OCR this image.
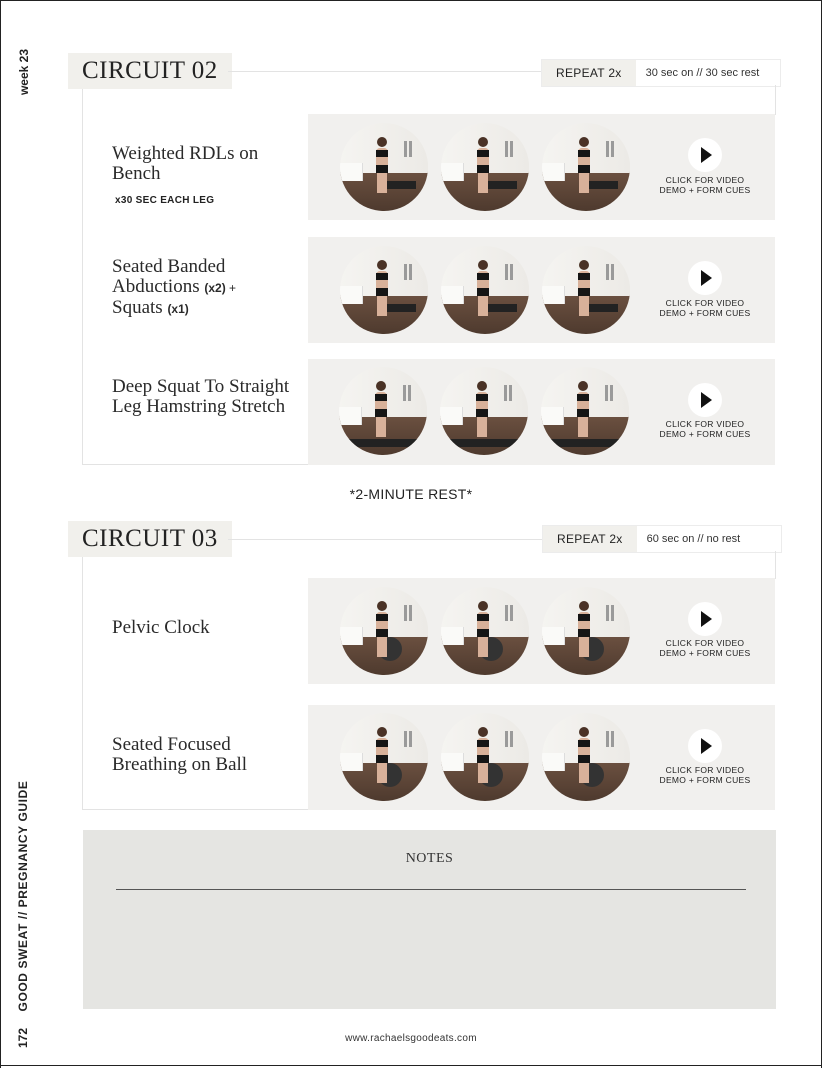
week 23
GOOD SWEAT // PREGNANCY GUIDE
172
CIRCUIT 02	REPEAT 2x	30 sec on // 30 sec rest
Weighted RDLs on Bench
x30 SEC EACH LEG
CLICK FOR VIDEO
DEMO + FORM CUES
Seated Banded
Abductions (x2) +
Squats (x1)	CLICK FOR VIDEO
DEMO + FORM CUES
Deep Squat To Straight Leg Hamstring Stretch
CLICK FOR VIDEO
DEMO + FORM CUES
*2-MINUTE REST*
CIRCUIT 03	REPEAT 2x	60 sec on // no rest
Pelvic Clock
CLICK FOR VIDEO
DEMO + FORM CUES
Seated Focused Breathing on Ball	CLICK FOR VIDEO
DEMO + FORM CUES
NOTES
www.rachaelsgoodeats.com
